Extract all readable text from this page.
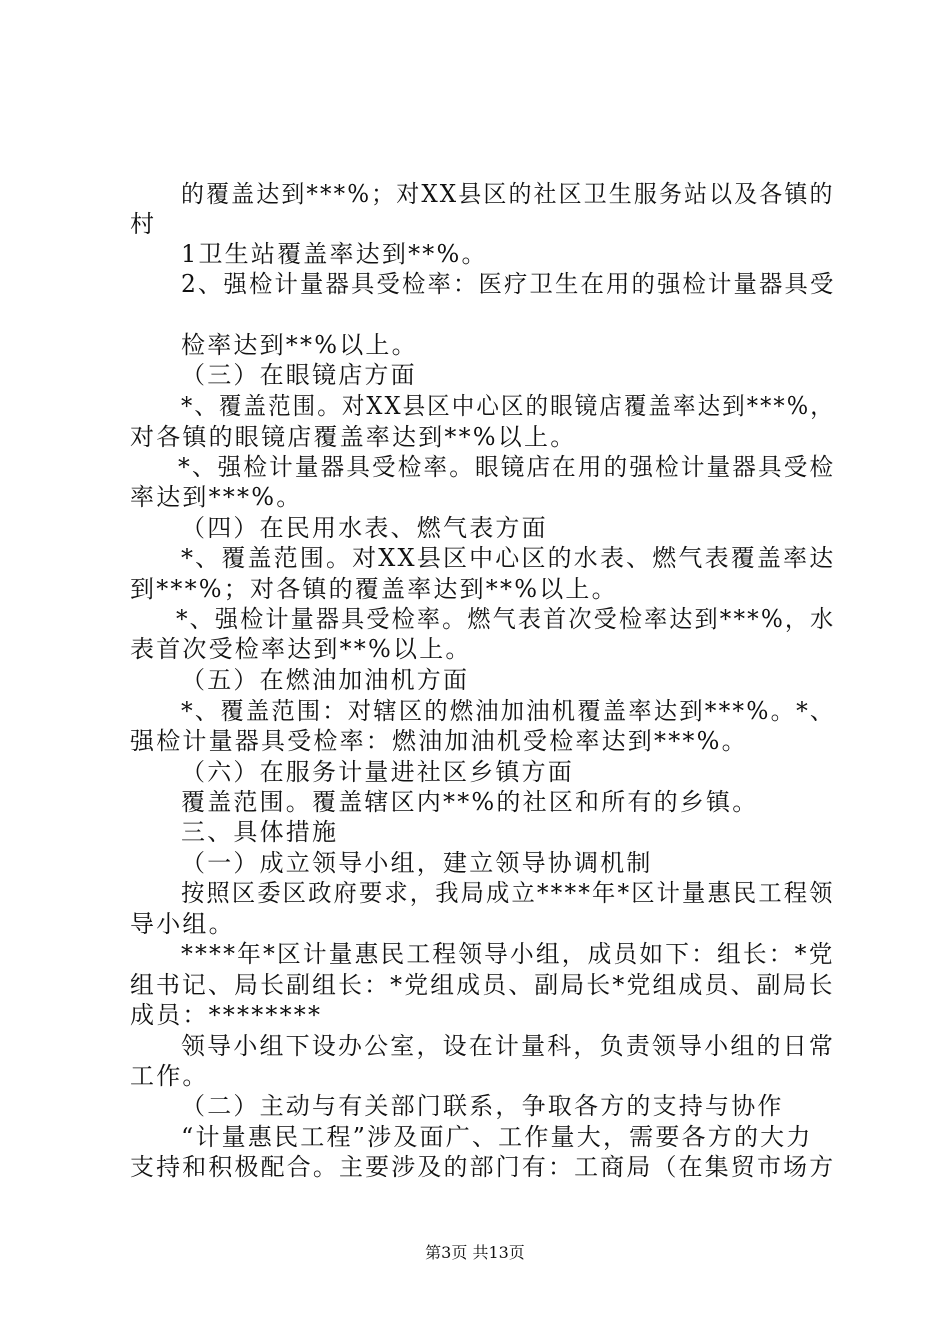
的覆盖达到***%；对XX县区的社区卫生服务站以及各镇的

村

1卫生站覆盖率达到**%。

2、强检计量器具受检率：医疗卫生在用的强检计量器具受

检率达到**%以上。

（三）在眼镜店方面

*、覆盖范围。对XX县区中心区的眼镜店覆盖率达到***%，

对各镇的眼镜店覆盖率达到**%以上。

*、强检计量器具受检率。眼镜店在用的强检计量器具受检

率达到***%。

（四）在民用水表、燃气表方面

*、覆盖范围。对XX县区中心区的水表、燃气表覆盖率达

到***%；对各镇的覆盖率达到**%以上。

*、强检计量器具受检率。燃气表首次受检率达到***%，水

表首次受检率达到**%以上。

（五）在燃油加油机方面

*、覆盖范围：对辖区的燃油加油机覆盖率达到***%。*、

强检计量器具受检率：燃油加油机受检率达到***%。

（六）在服务计量进社区乡镇方面

覆盖范围。覆盖辖区内**%的社区和所有的乡镇。

三、具体措施

（一）成立领导小组，建立领导协调机制

按照区委区政府要求，我局成立****年*区计量惠民工程领

导小组。

****年*区计量惠民工程领导小组，成员如下：组长：*党

组书记、局长副组长：*党组成员、副局长*党组成员、副局长

成员：********

领导小组下设办公室，设在计量科，负责领导小组的日常

工作。

（二）主动与有关部门联系，争取各方的支持与协作

“计量惠民工程”涉及面广、工作量大，需要各方的大力

支持和积极配合。主要涉及的部门有：工商局（在集贸市场方

第3页 共13页
